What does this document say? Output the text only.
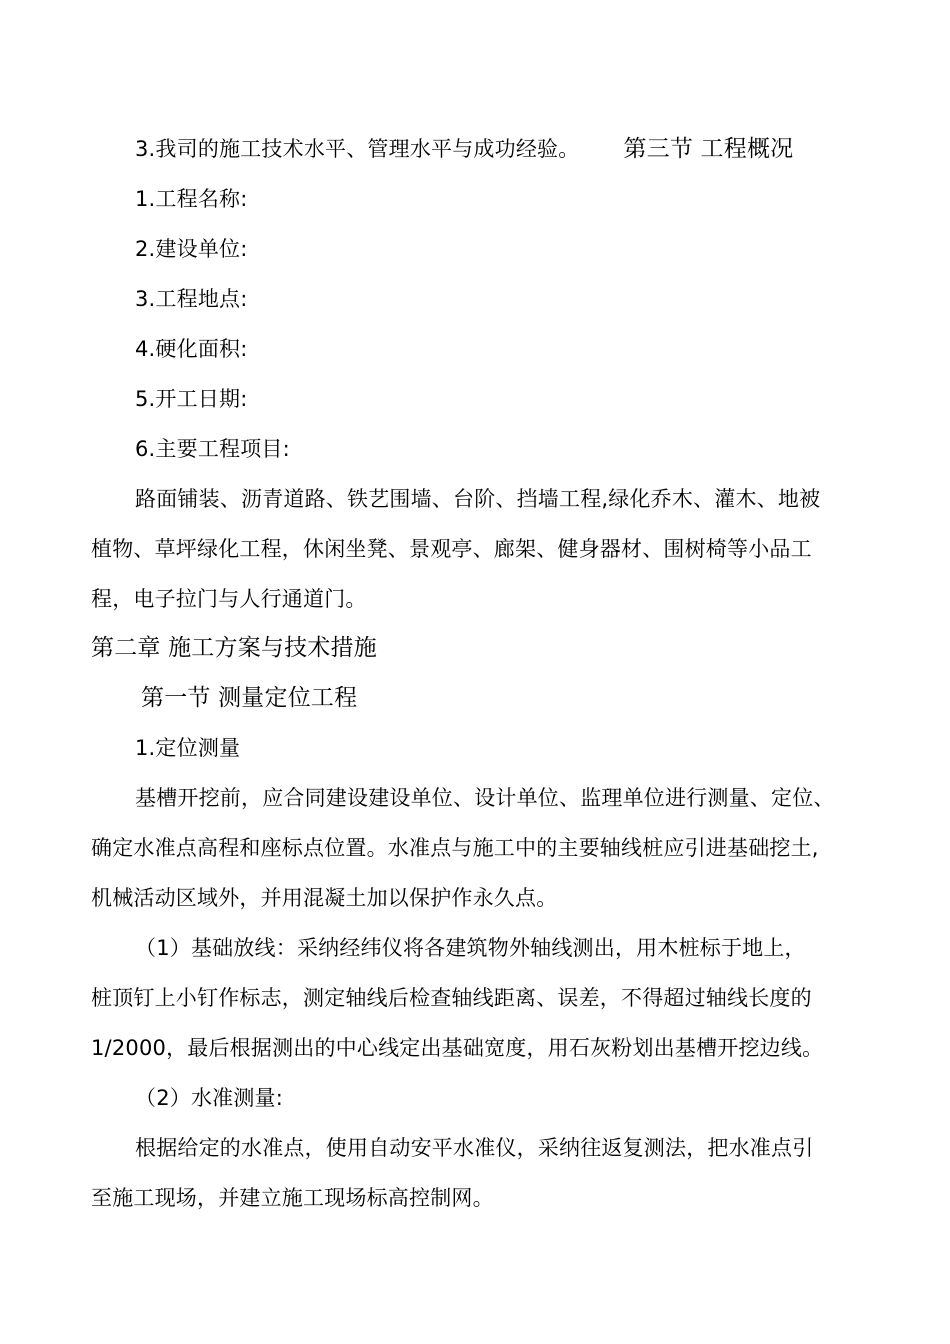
3.我司的施工技术水平、管理水平与成功经验。 第三节 工程概况
1.工程名称:
2.建设单位:
3.工程地点:
4.硬化面积:
5.开工日期:
6.主要工程项目:
路面铺装、沥青道路、铁艺围墙、台阶、挡墙工程,绿化乔木、灌木、地被
植物、草坪绿化工程，休闲坐凳、景观亭、廊架、健身器材、围树椅等小品工
程，电子拉门与人行通道门。
第二章 施工方案与技术措施
第一节 测量定位工程
1.定位测量
基槽开挖前，应合同建设建设单位、设计单位、监理单位进行测量、定位、
确定水准点高程和座标点位置。水准点与施工中的主要轴线桩应引进基础挖土,
机械活动区域外，并用混凝土加以保护作永久点。
（1）基础放线：采纳经纬仪将各建筑物外轴线测出，用木桩标于地上，
桩顶钉上小钉作标志，测定轴线后检查轴线距离、误差，不得超过轴线长度的
1/2000，最后根据测出的中心线定出基础宽度，用石灰粉划出基槽开挖边线。
（2）水准测量:
根据给定的水准点，使用自动安平水准仪，采纳往返复测法，把水准点引
至施工现场，并建立施工现场标高控制网。
